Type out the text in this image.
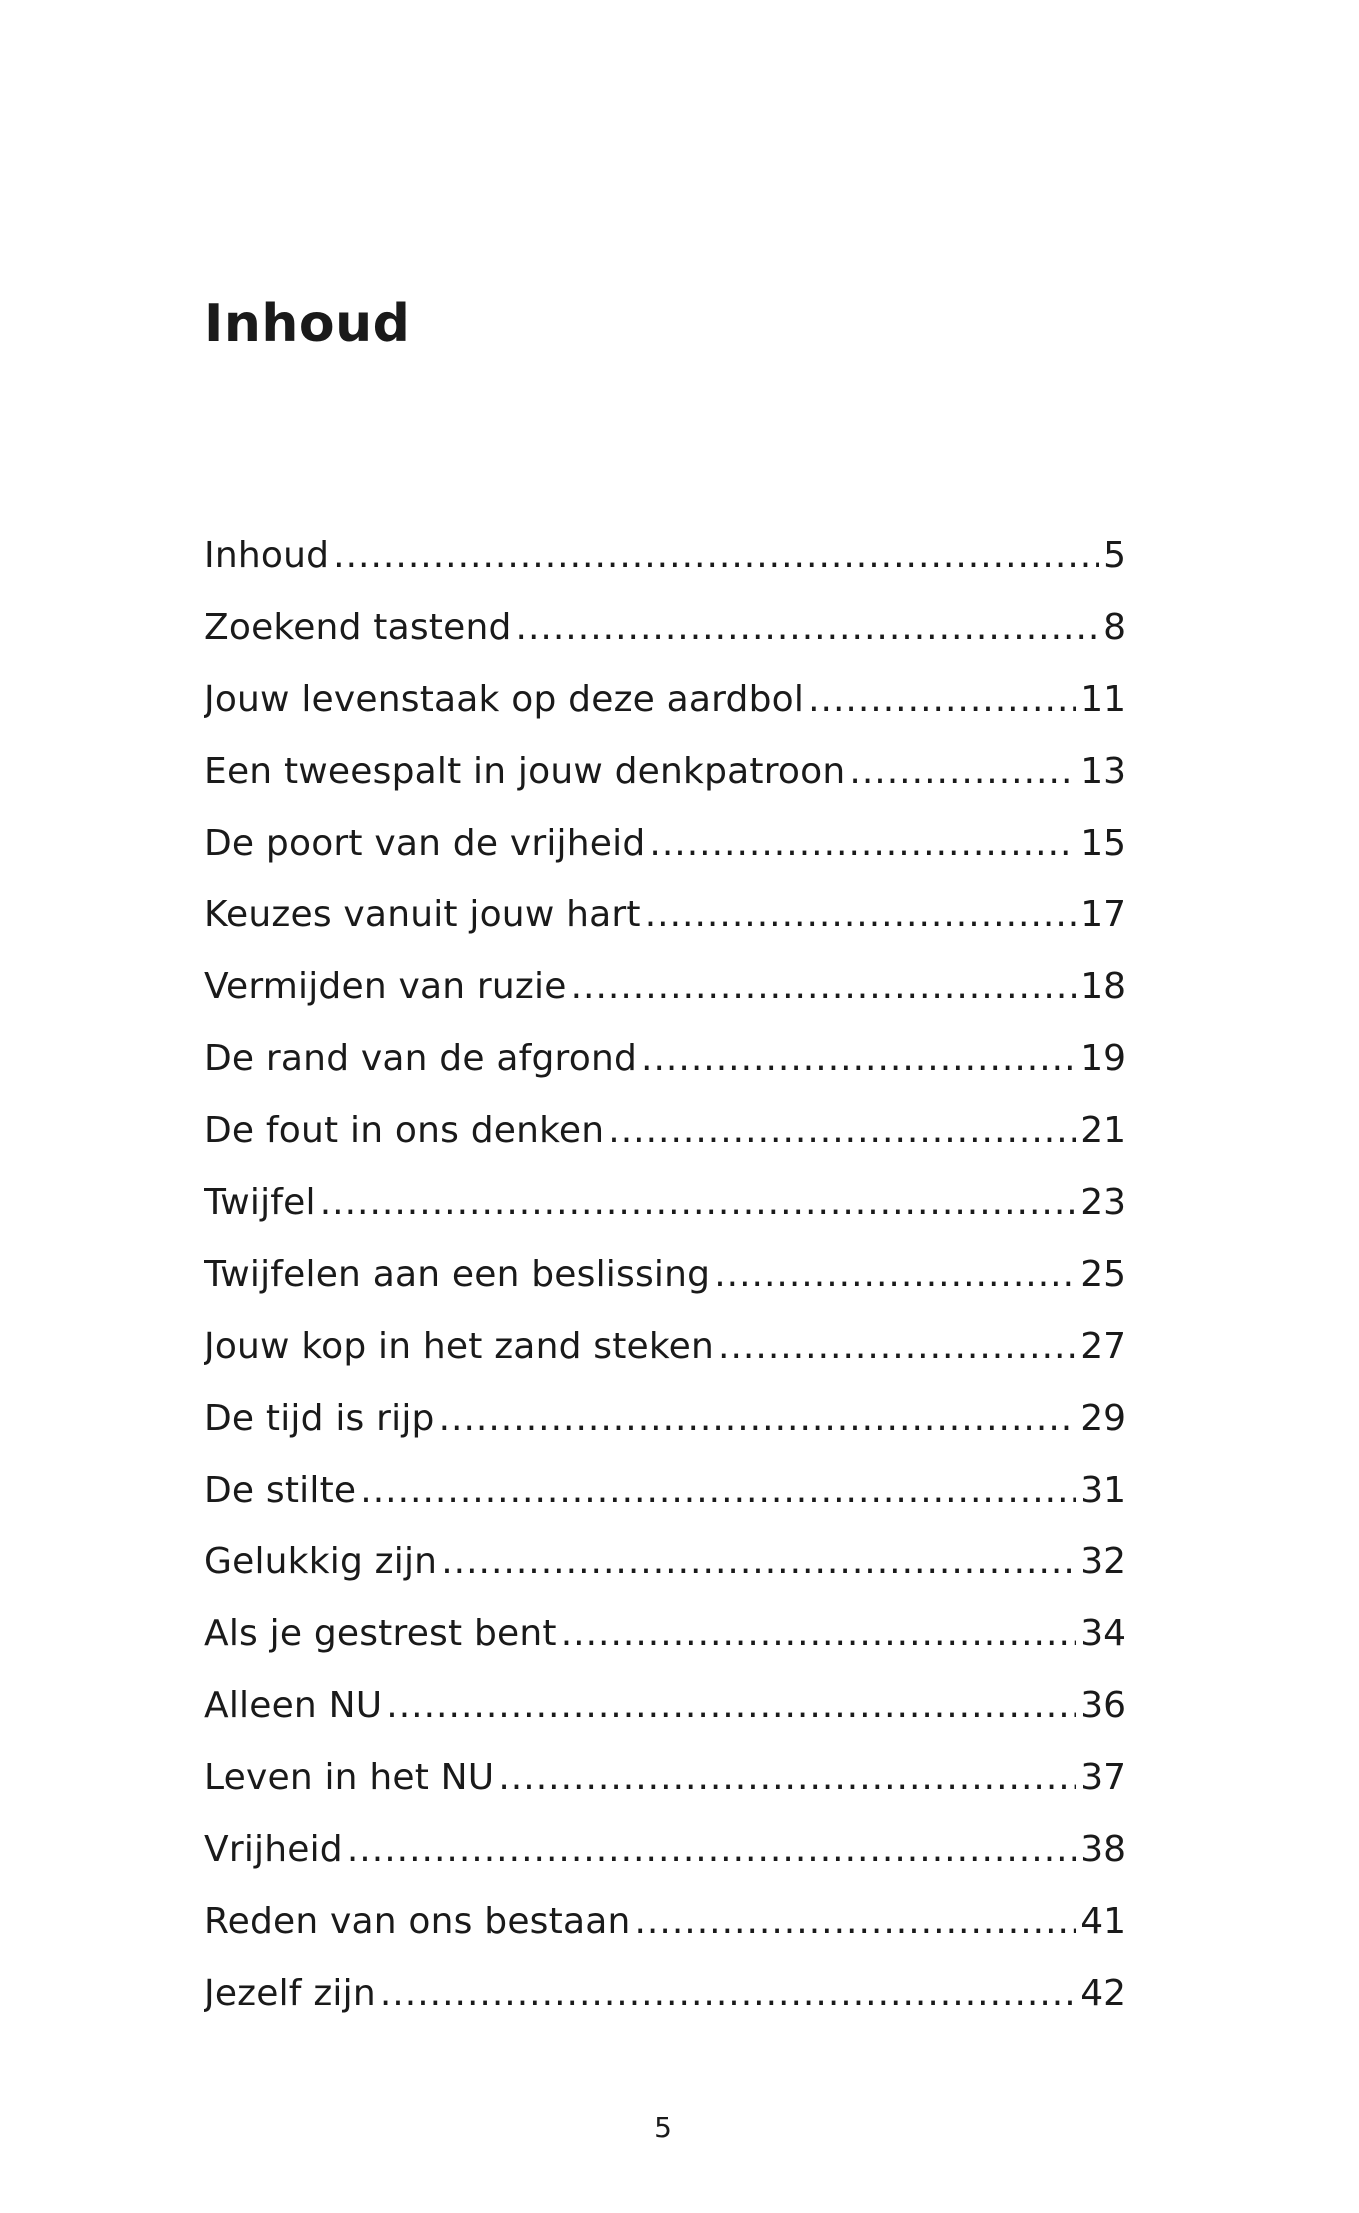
Inhoud
Inhoud .....	5
Zoekend tastend .....	8
Jouw levenstaak op deze aardbol .....	11
Een tweespalt in jouw denkpatroon .....	13
De poort van de vrijheid .....	15
Keuzes vanuit jouw hart .....	17
Vermijden van ruzie .....	18
De rand van de afgrond .....	19
De fout in ons denken .....	21
Twijfel .....	23
Twijfelen aan een beslissing .....	25
Jouw kop in het zand steken .....	27
De tijd is rijp .....	29
De stilte .....	31
Gelukkig zijn .....	32
Als je gestrest bent .....	34
Alleen NU .....	36
Leven in het NU .....	37
Vrijheid .....	38
Reden van ons bestaan .....	41
Jezelf zijn .....	42
5
